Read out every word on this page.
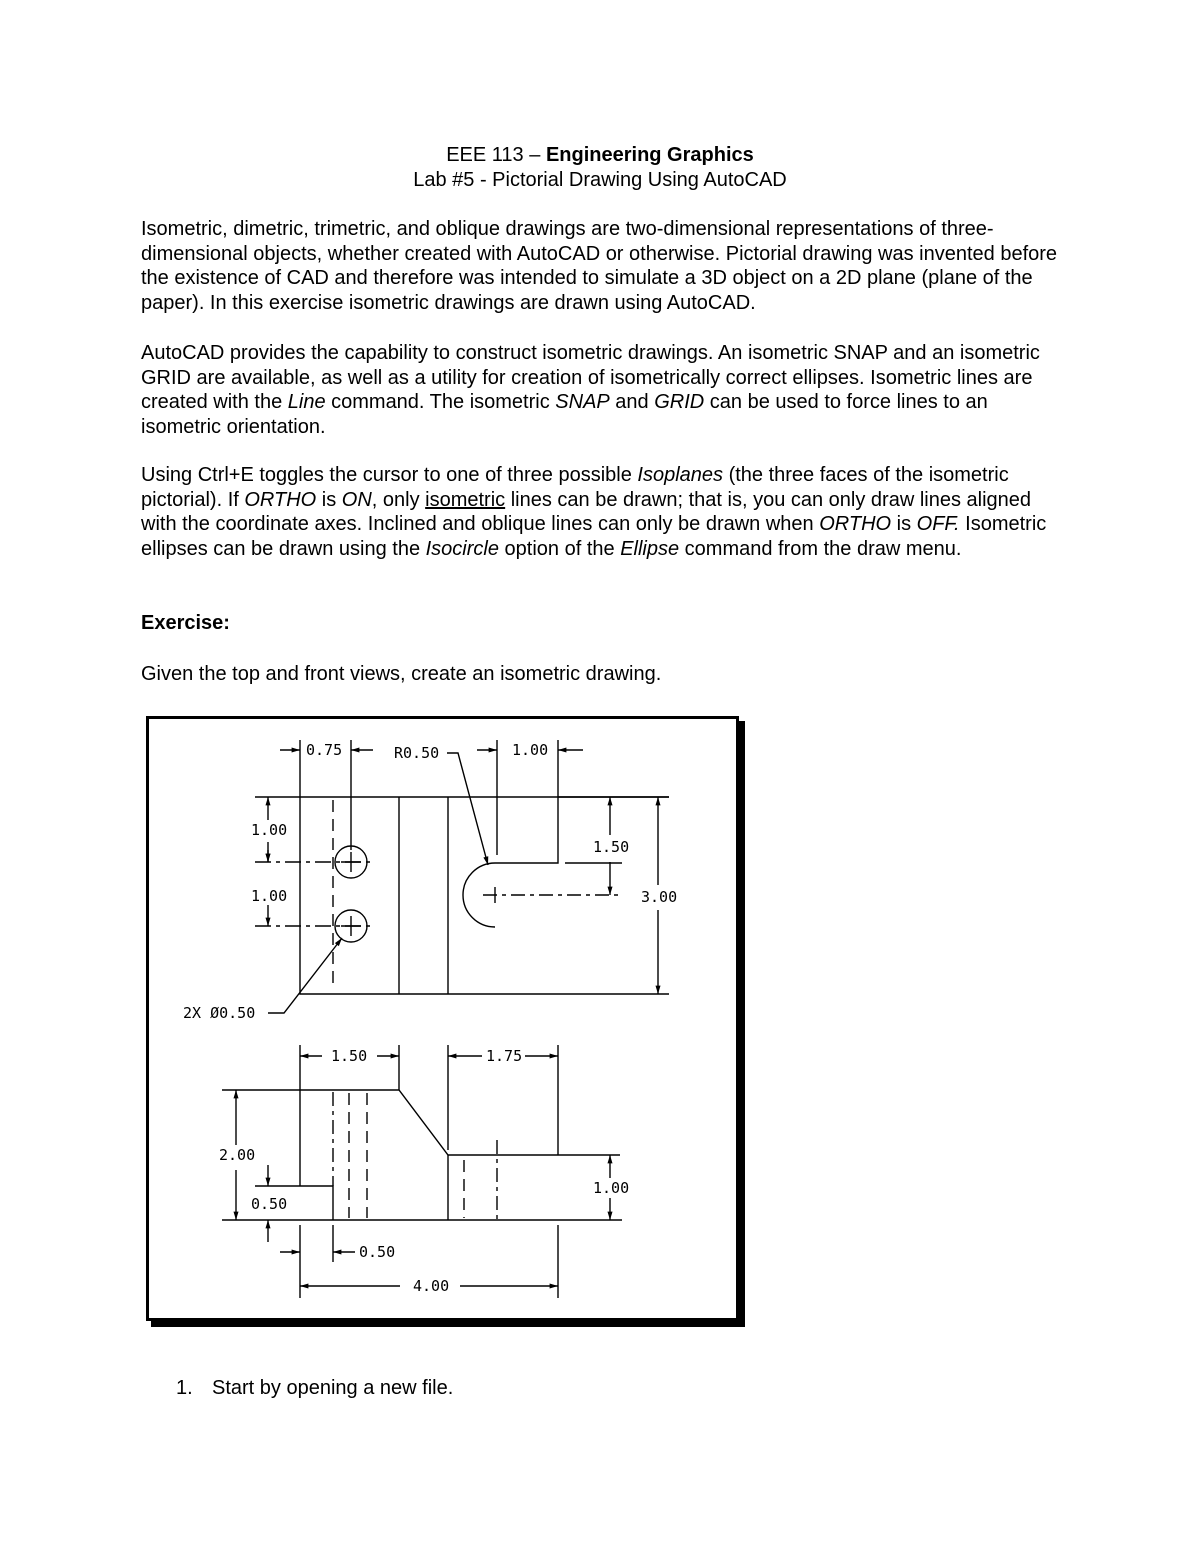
EEE 113 – Engineering Graphics
Lab #5 - Pictorial Drawing Using AutoCAD

Isometric, dimetric, trimetric, and oblique drawings are two-dimensional representations of three-dimensional objects, whether created with AutoCAD or otherwise. Pictorial drawing was invented before the existence of CAD and therefore was intended to simulate a 3D object on a 2D plane (plane of the paper). In this exercise isometric drawings are drawn using AutoCAD.

AutoCAD provides the capability to construct isometric drawings. An isometric SNAP and an isometric GRID are available, as well as a utility for creation of isometrically correct ellipses. Isometric lines are created with the Line command. The isometric SNAP and GRID can be used to force lines to an isometric orientation.

Using Ctrl+E toggles the cursor to one of three possible Isoplanes (the three faces of the isometric pictorial). If ORTHO is ON, only isometric lines can be drawn; that is, you can only draw lines aligned with the coordinate axes. Inclined and oblique lines can only be drawn when ORTHO is OFF. Isometric ellipses can be drawn using the Isocircle option of the Ellipse command from the draw menu.

Exercise:
Given the top and front views, create an isometric drawing.
0.75	R0.50	1.00
1.00
1.00
1.50
3.00
2X Ø0.50
1.50	1.75
2.00
0.50
1.00
0.50
4.00
1. Start by opening a new file.
